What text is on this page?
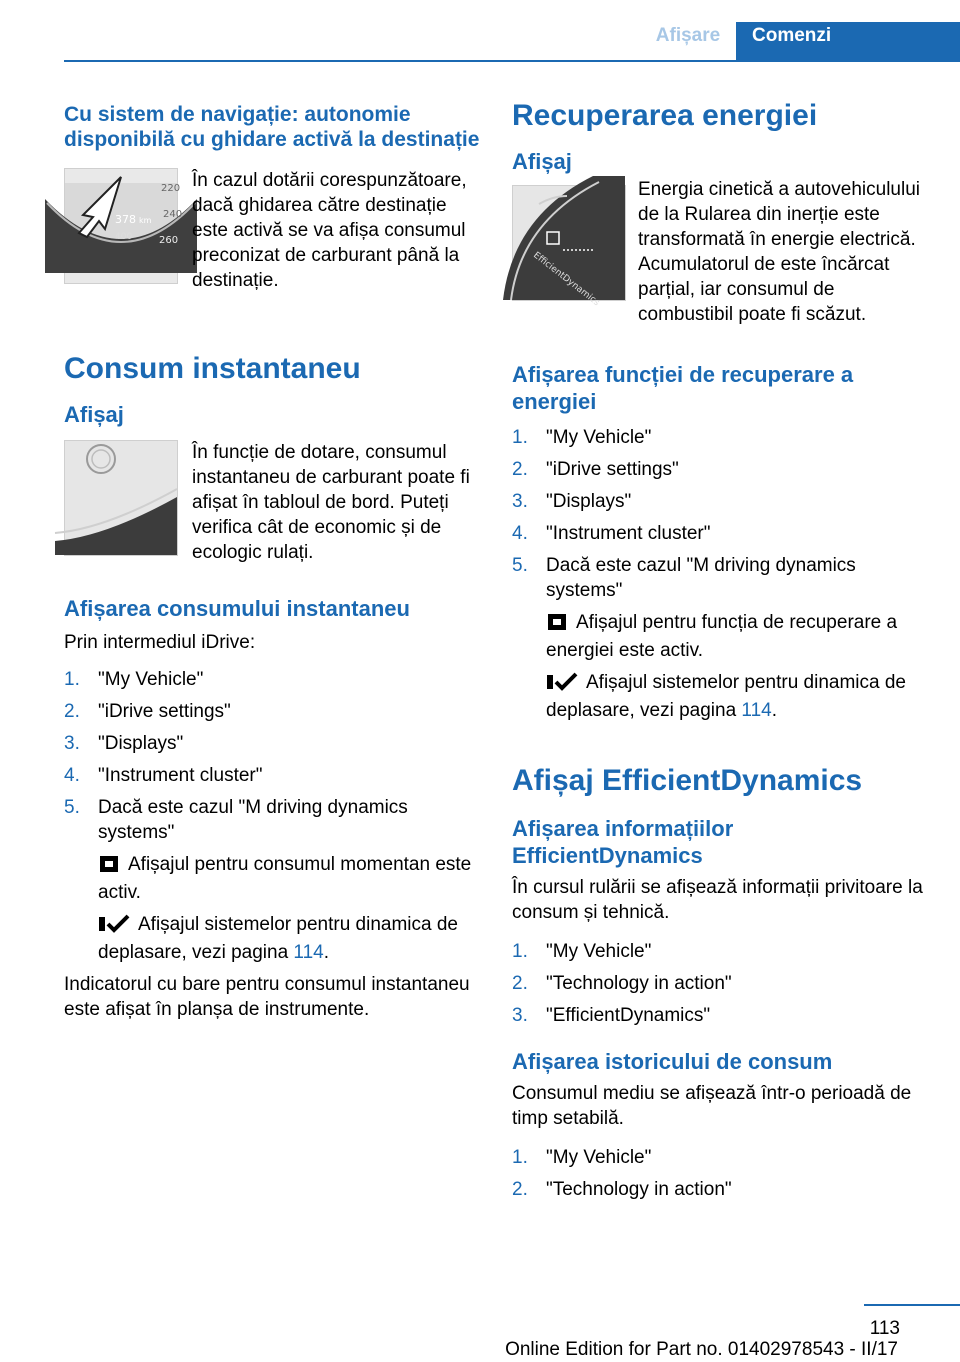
Afișare	Comenzi
Cu sistem de navigație: autonomie disponibilă cu ghidare activă la destinație
220
240
260
378 km
400
În cazul dotării corespunzătoare, dacă ghidarea către destinație este activă se va afișa consumul preconizat de carburant până la destinație.
Consum instantaneu
Afișaj
În funcție de dotare, consumul instantaneu de carburant poate fi afișat în tabloul de bord. Puteți verifica cât de economic și de ecologic rulați.
Afișarea consumului instantaneu

Prin intermediul iDrive:

1. "My Vehicle"
2. "iDrive settings"
3. "Displays"
4. "Instrument cluster"
5. Dacă este cazul "M driving dynamics systems"
Afișajul pentru consumul momentan este activ.
Afișajul sistemelor pentru dinamica de deplasare, vezi pagina 114.

Indicatorul cu bare pentru consumul instantaneu este afișat în planșa de instrumente.

Recuperarea energiei
Afișaj
EfficientDynamics

Energia cinetică a autovehiculului de la Rularea din inerție este transformată în energie electrică. Acumulatorul de este încărcat parțial, iar consumul de combustibil poate fi scăzut.

Afișarea funcției de recuperare a energiei
1. "My Vehicle"
2. "iDrive settings"
3. "Displays"
4. "Instrument cluster"
5. Dacă este cazul "M driving dynamics systems"
Afișajul pentru funcția de recuperare a energiei este activ.
Afișajul sistemelor pentru dinamica de deplasare, vezi pagina 114.
Afișaj EfficientDynamics
Afișarea informațiilor EfficientDynamics

În cursul rulării se afișează informații privitoare la consum și tehnică.

1. "My Vehicle"
2. "Technology in action"
3. "EfficientDynamics"
Afișarea istoricului de consum

Consumul mediu se afișează într-o perioadă de timp setabilă.

1. "My Vehicle"
2. "Technology in action"
113
Online Edition for Part no. 01402978543 - II/17
